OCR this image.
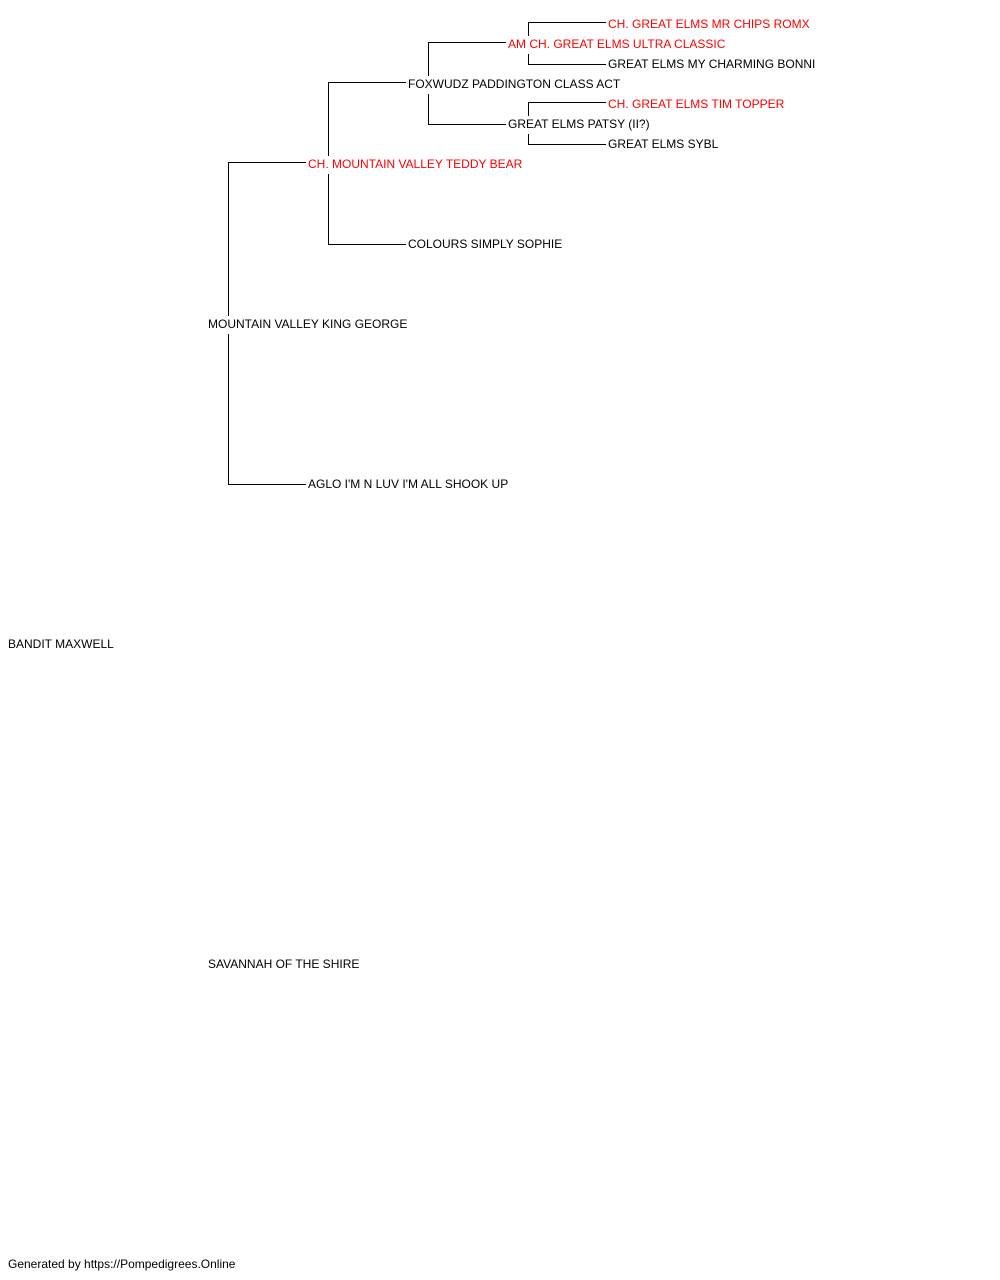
BANDIT MAXWELL
MOUNTAIN VALLEY KING GEORGE
SAVANNAH OF THE SHIRE
CH. MOUNTAIN VALLEY TEDDY BEAR
AGLO I'M N LUV I'M ALL SHOOK UP
FOXWUDZ PADDINGTON CLASS ACT
COLOURS SIMPLY SOPHIE
AM CH. GREAT ELMS ULTRA CLASSIC
GREAT ELMS PATSY (II?)
CH. GREAT ELMS MR CHIPS ROMX
GREAT ELMS MY CHARMING BONNI
CH. GREAT ELMS TIM TOPPER
GREAT ELMS SYBL
Generated by https://Pompedigrees.Online
